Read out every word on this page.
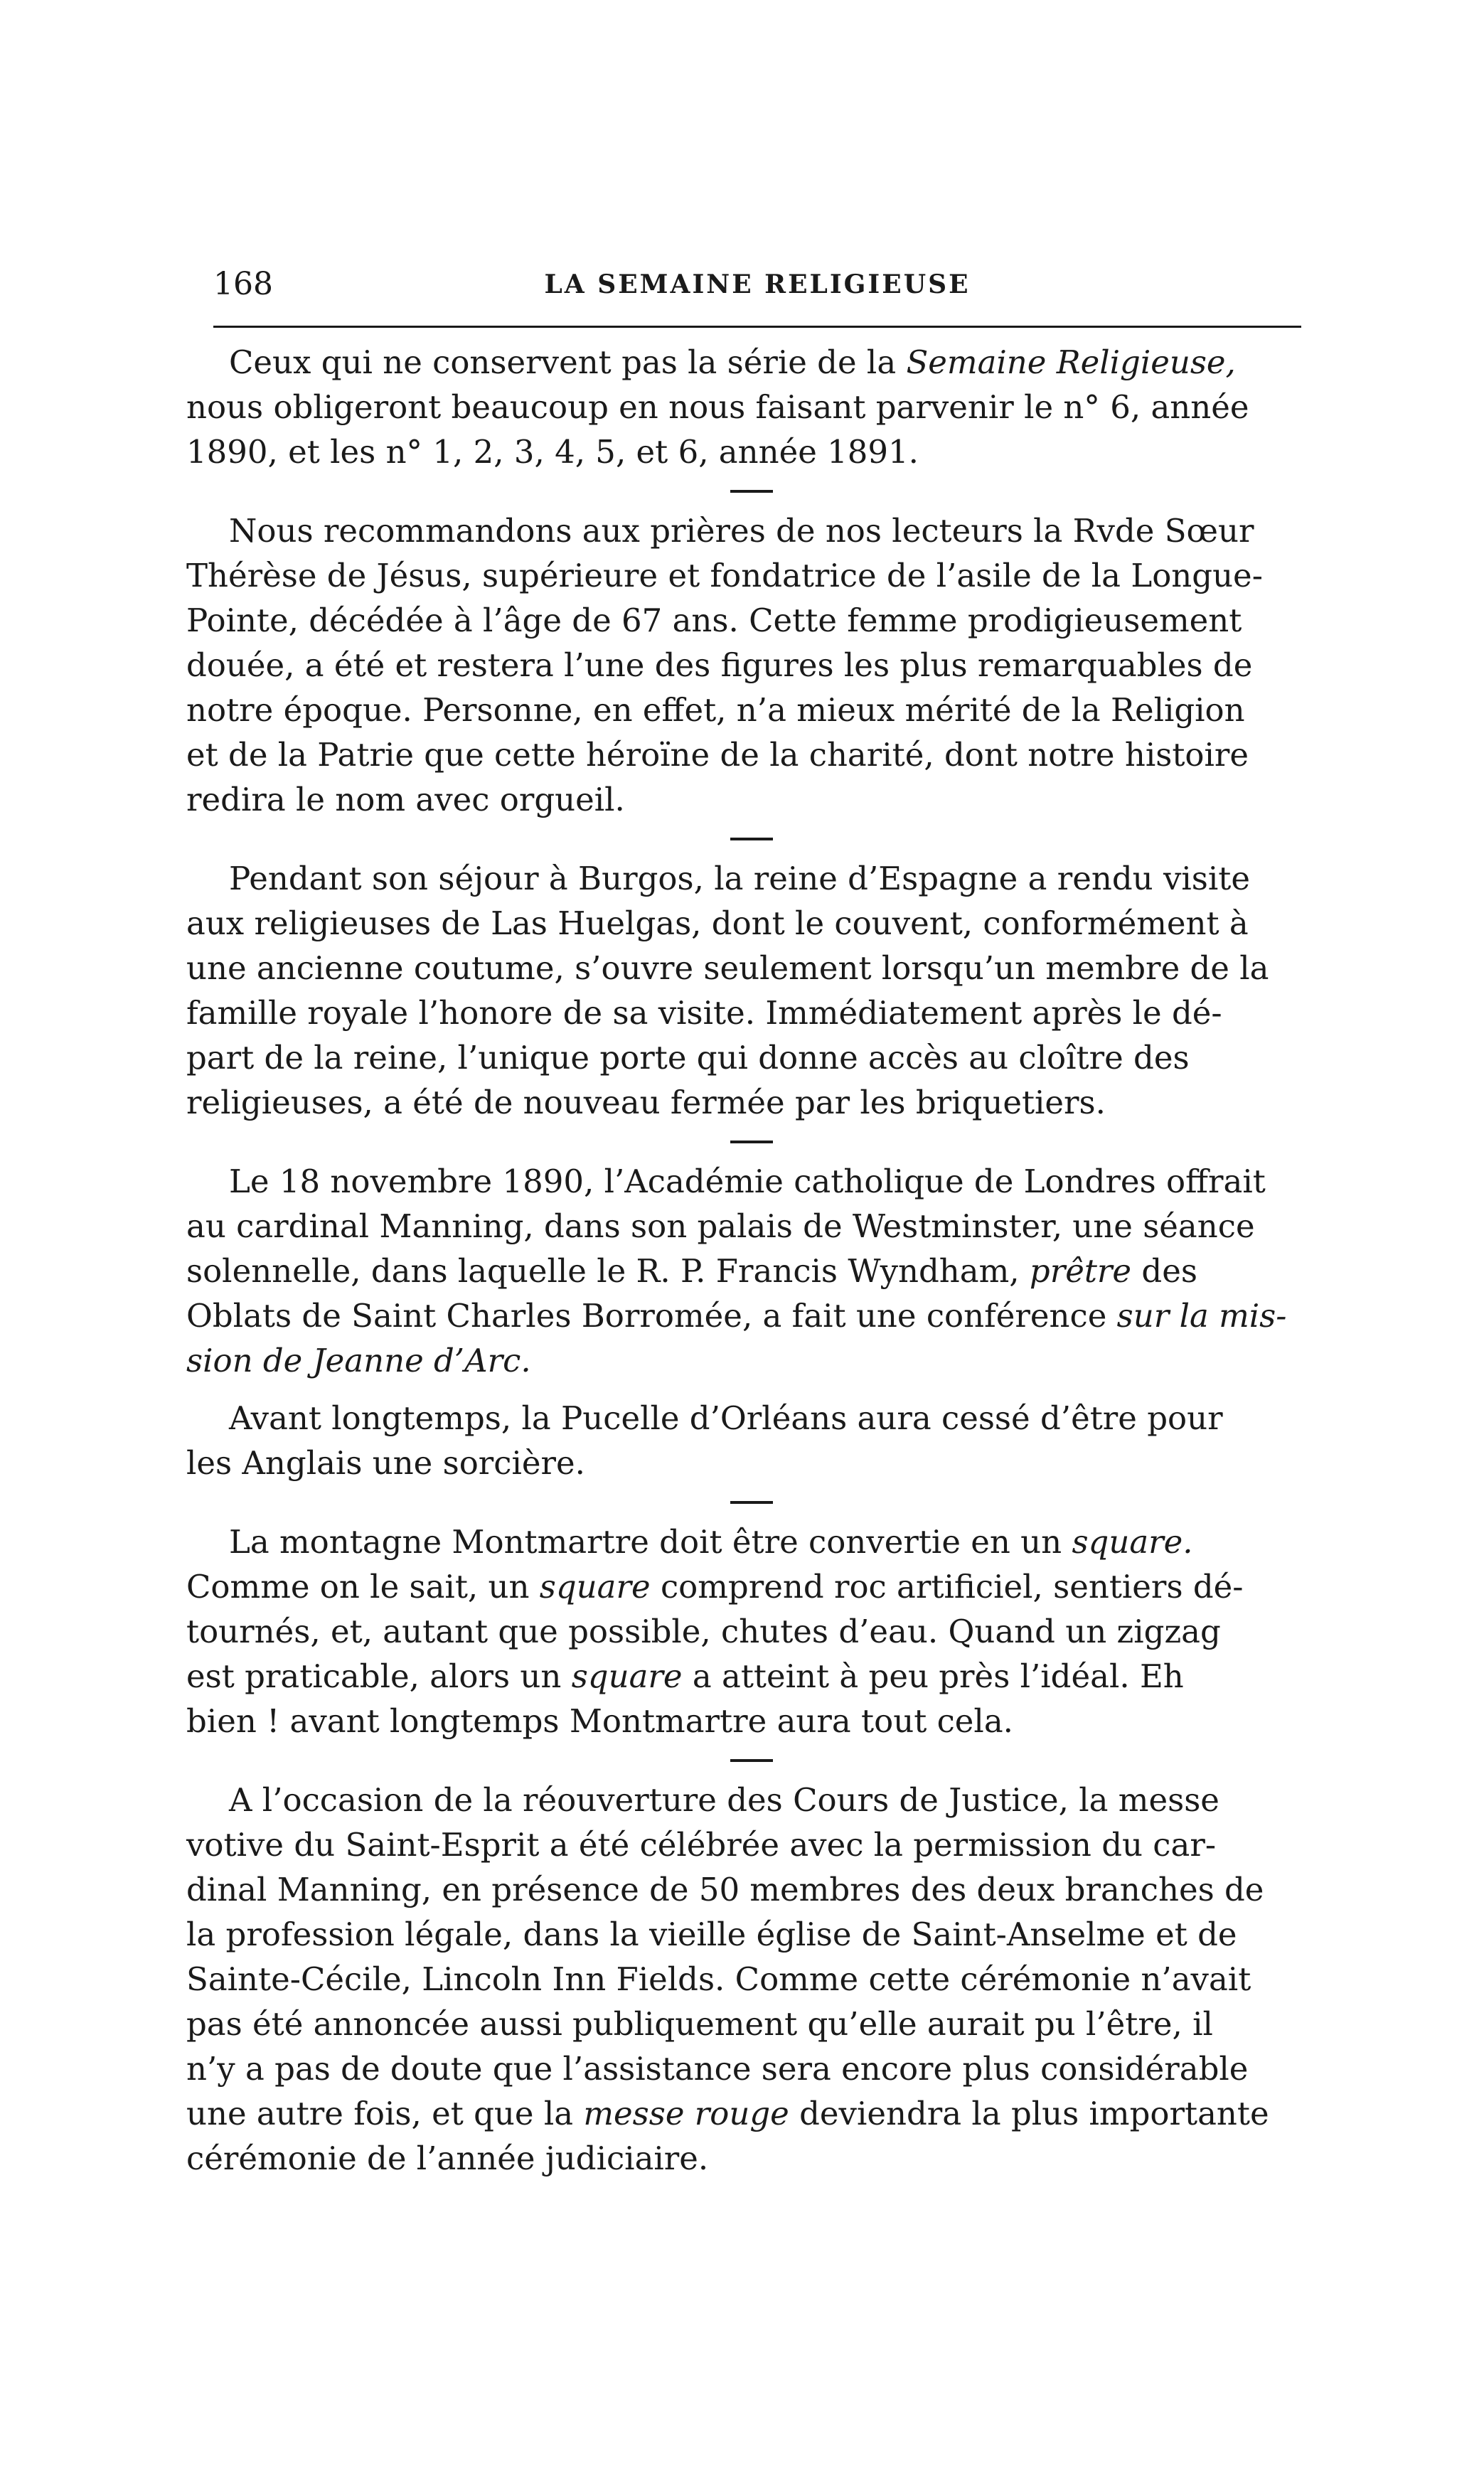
168	LA SEMAINE RELIGIEUSE

Ceux qui ne conservent pas la série de la Semaine Religieuse,
nous obligeront beaucoup en nous faisant parvenir le n° 6, année
1890, et les n° 1, 2, 3, 4, 5, et 6, année 1891.

Nous recommandons aux prières de nos lecteurs la Rvde Sœur
Thérèse de Jésus, supérieure et fondatrice de l’asile de la Longue-
Pointe, décédée à l’âge de 67 ans. Cette femme prodigieusement
douée, a été et restera l’une des figures les plus remarquables de
notre époque. Personne, en effet, n’a mieux mérité de la Religion
et de la Patrie que cette héroïne de la charité, dont notre histoire
redira le nom avec orgueil.

Pendant son séjour à Burgos, la reine d’Espagne a rendu visite
aux religieuses de Las Huelgas, dont le couvent, conformément à
une ancienne coutume, s’ouvre seulement lorsqu’un membre de la
famille royale l’honore de sa visite. Immédiatement après le dé-
part de la reine, l’unique porte qui donne accès au cloître des
religieuses, a été de nouveau fermée par les briquetiers.

Le 18 novembre 1890, l’Académie catholique de Londres offrait
au cardinal Manning, dans son palais de Westminster, une séance
solennelle, dans laquelle le R. P. Francis Wyndham, prêtre des
Oblats de Saint Charles Borromée, a fait une conférence sur la mis-
sion de Jeanne d’Arc.

Avant longtemps, la Pucelle d’Orléans aura cessé d’être pour
les Anglais une sorcière.

La montagne Montmartre doit être convertie en un square.
Comme on le sait, un square comprend roc artificiel, sentiers dé-
tournés, et, autant que possible, chutes d’eau. Quand un zigzag
est praticable, alors un square a atteint à peu près l’idéal. Eh
bien ! avant longtemps Montmartre aura tout cela.

A l’occasion de la réouverture des Cours de Justice, la messe
votive du Saint-Esprit a été célébrée avec la permission du car-
dinal Manning, en présence de 50 membres des deux branches de
la profession légale, dans la vieille église de Saint-Anselme et de
Sainte-Cécile, Lincoln Inn Fields. Comme cette cérémonie n’avait
pas été annoncée aussi publiquement qu’elle aurait pu l’être, il
n’y a pas de doute que l’assistance sera encore plus considérable
une autre fois, et que la messe rouge deviendra la plus importante
cérémonie de l’année judiciaire.
